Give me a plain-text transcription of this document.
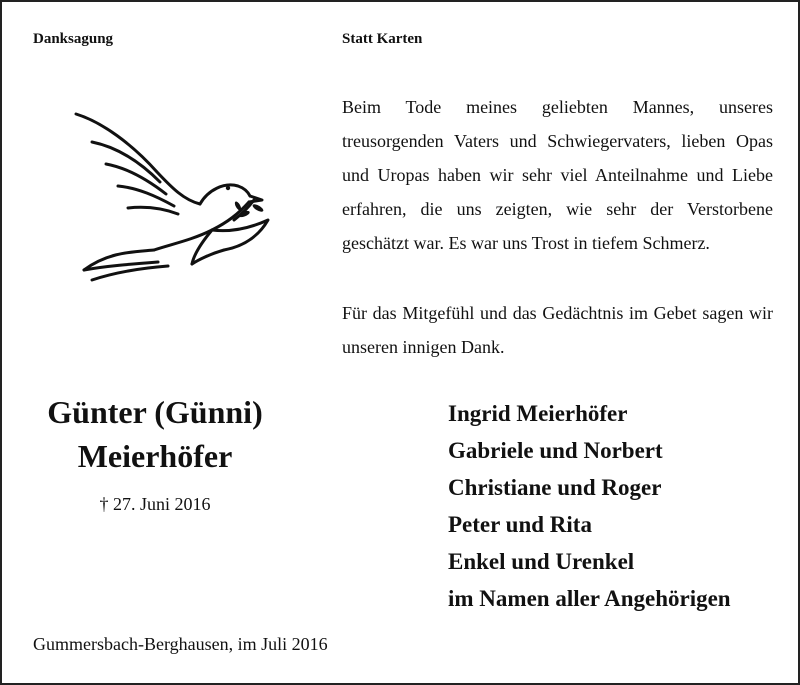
Danksagung	Statt Karten

Beim Tode meines geliebten Mannes, unseres treusorgenden Vaters und Schwiegervaters, lieben Opas und Uropas haben wir sehr viel Anteilnahme und Liebe erfahren, die uns zeigten, wie sehr der Verstorbene geschätzt war. Es war uns Trost in tiefem Schmerz.

Für das Mitgefühl und das Gedächtnis im Gebet sagen wir unseren innigen Dank.

Günter (Günni)
Meierhöfer
† 27. Juni 2016
Ingrid Meierhöfer
Gabriele und Norbert
Christiane und Roger
Peter und Rita
Enkel und Urenkel
im Namen aller Angehörigen
Gummersbach-Berghausen, im Juli 2016
